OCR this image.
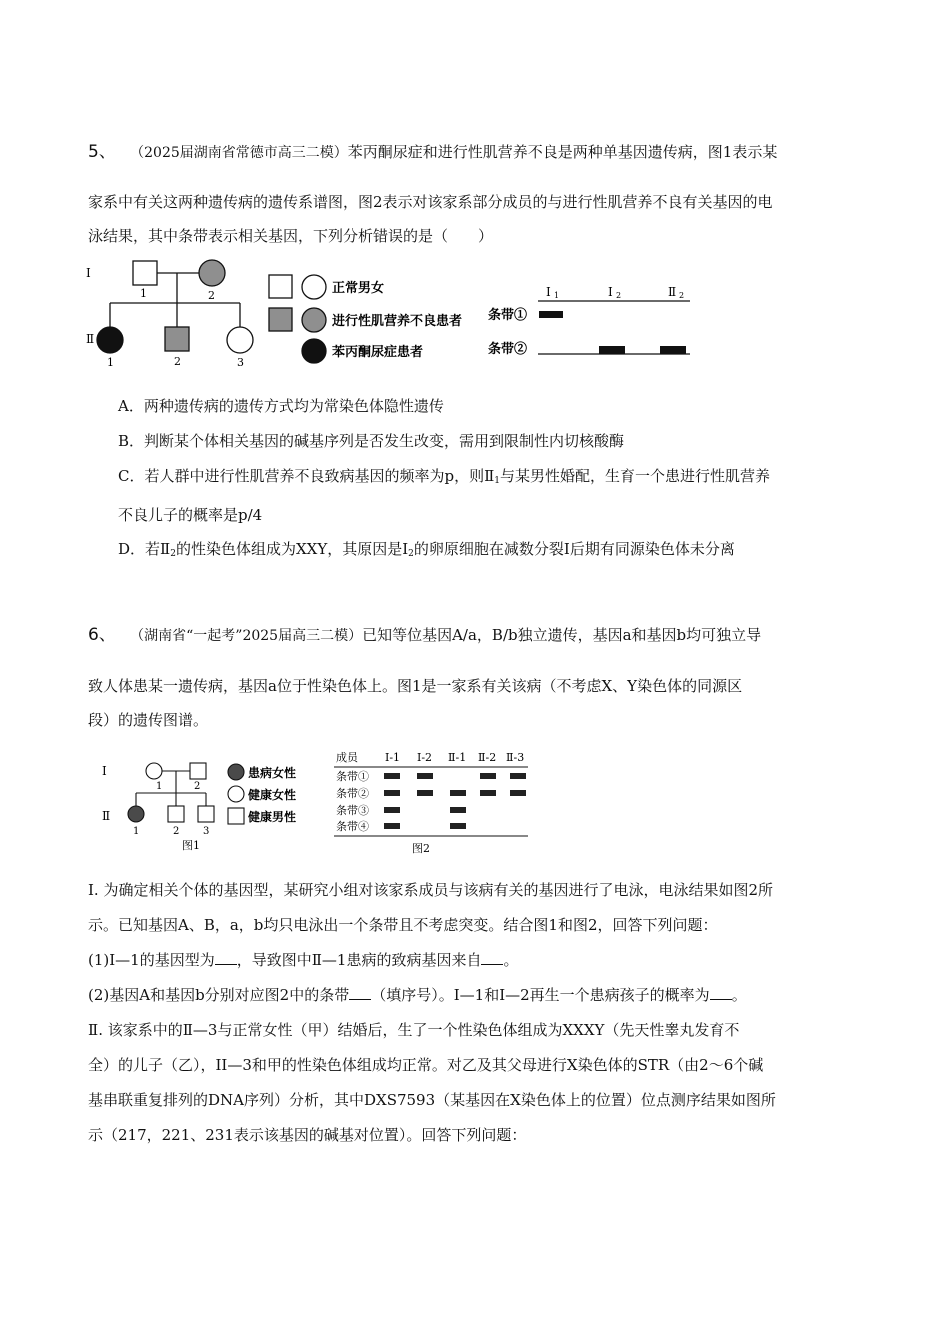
5、 （2025届湖南省常德市高三二模）苯丙酮尿症和进行性肌营养不良是两种单基因遗传病，图1表示某
家系中有关这两种遗传病的遗传系谱图，图2表示对该家系部分成员的与进行性肌营养不良有关基因的电
泳结果，其中条带表示相关基因，下列分析错误的是（　　）
Ⅰ
Ⅱ
1	2
1	2	3
正常男女
进行性肌营养不良患者
苯丙酮尿症患者
Ⅰ 1	Ⅰ 2	Ⅱ 2
条带①
条带②
A．两种遗传病的遗传方式均为常染色体隐性遗传
B．判断某个体相关基因的碱基序列是否发生改变，需用到限制性内切核酸酶
C．若人群中进行性肌营养不良致病基因的频率为p，则$Ⅱ_1$与某男性婚配，生育一个患进行性肌营养
不良儿子的概率是p/4
D．若$Ⅱ_2$的性染色体组成为XXY，其原因是$Ⅰ_2$的卵原细胞在减数分裂Ⅰ后期有同源染色体未分离
6、 （湖南省“一起考”2025届高三二模）已知等位基因A/a，B/b独立遗传，基因a和基因b均可独立导
致人体患某一遗传病，基因a位于性染色体上。图1是一家系有关该病（不考虑X、Y染色体的同源区
段）的遗传图谱。
Ⅰ
Ⅱ
1	2
1	2 3
图1
患病女性
健康女性
健康男性
成员 Ⅰ-1 Ⅰ-2 Ⅱ-1 Ⅱ-2 Ⅱ-3
条带①
条带②
条带③
条带④
图2
Ⅰ. 为确定相关个体的基因型，某研究小组对该家系成员与该病有关的基因进行了电泳，电泳结果如图2所
示。已知基因A、B，a，b均只电泳出一个条带且不考虑突变。结合图1和图2，回答下列问题：
(1)I—1的基因型为 ，导致图中Ⅱ—1患病的致病基因来自 。
(2)基因A和基因b分别对应图2中的条带 （填序号）。I—1和I—2再生一个患病孩子的概率为 。
Ⅱ. 该家系中的Ⅱ—3与正常女性（甲）结婚后，生了一个性染色体组成为XXXY（先天性睾丸发育不
全）的儿子（乙），II—3和甲的性染色体组成均正常。对乙及其父母进行X染色体的STR（由2～6个碱
基串联重复排列的DNA序列）分析，其中DXS7593（某基因在X染色体上的位置）位点测序结果如图所
示（217，221、231表示该基因的碱基对位置）。回答下列问题：
